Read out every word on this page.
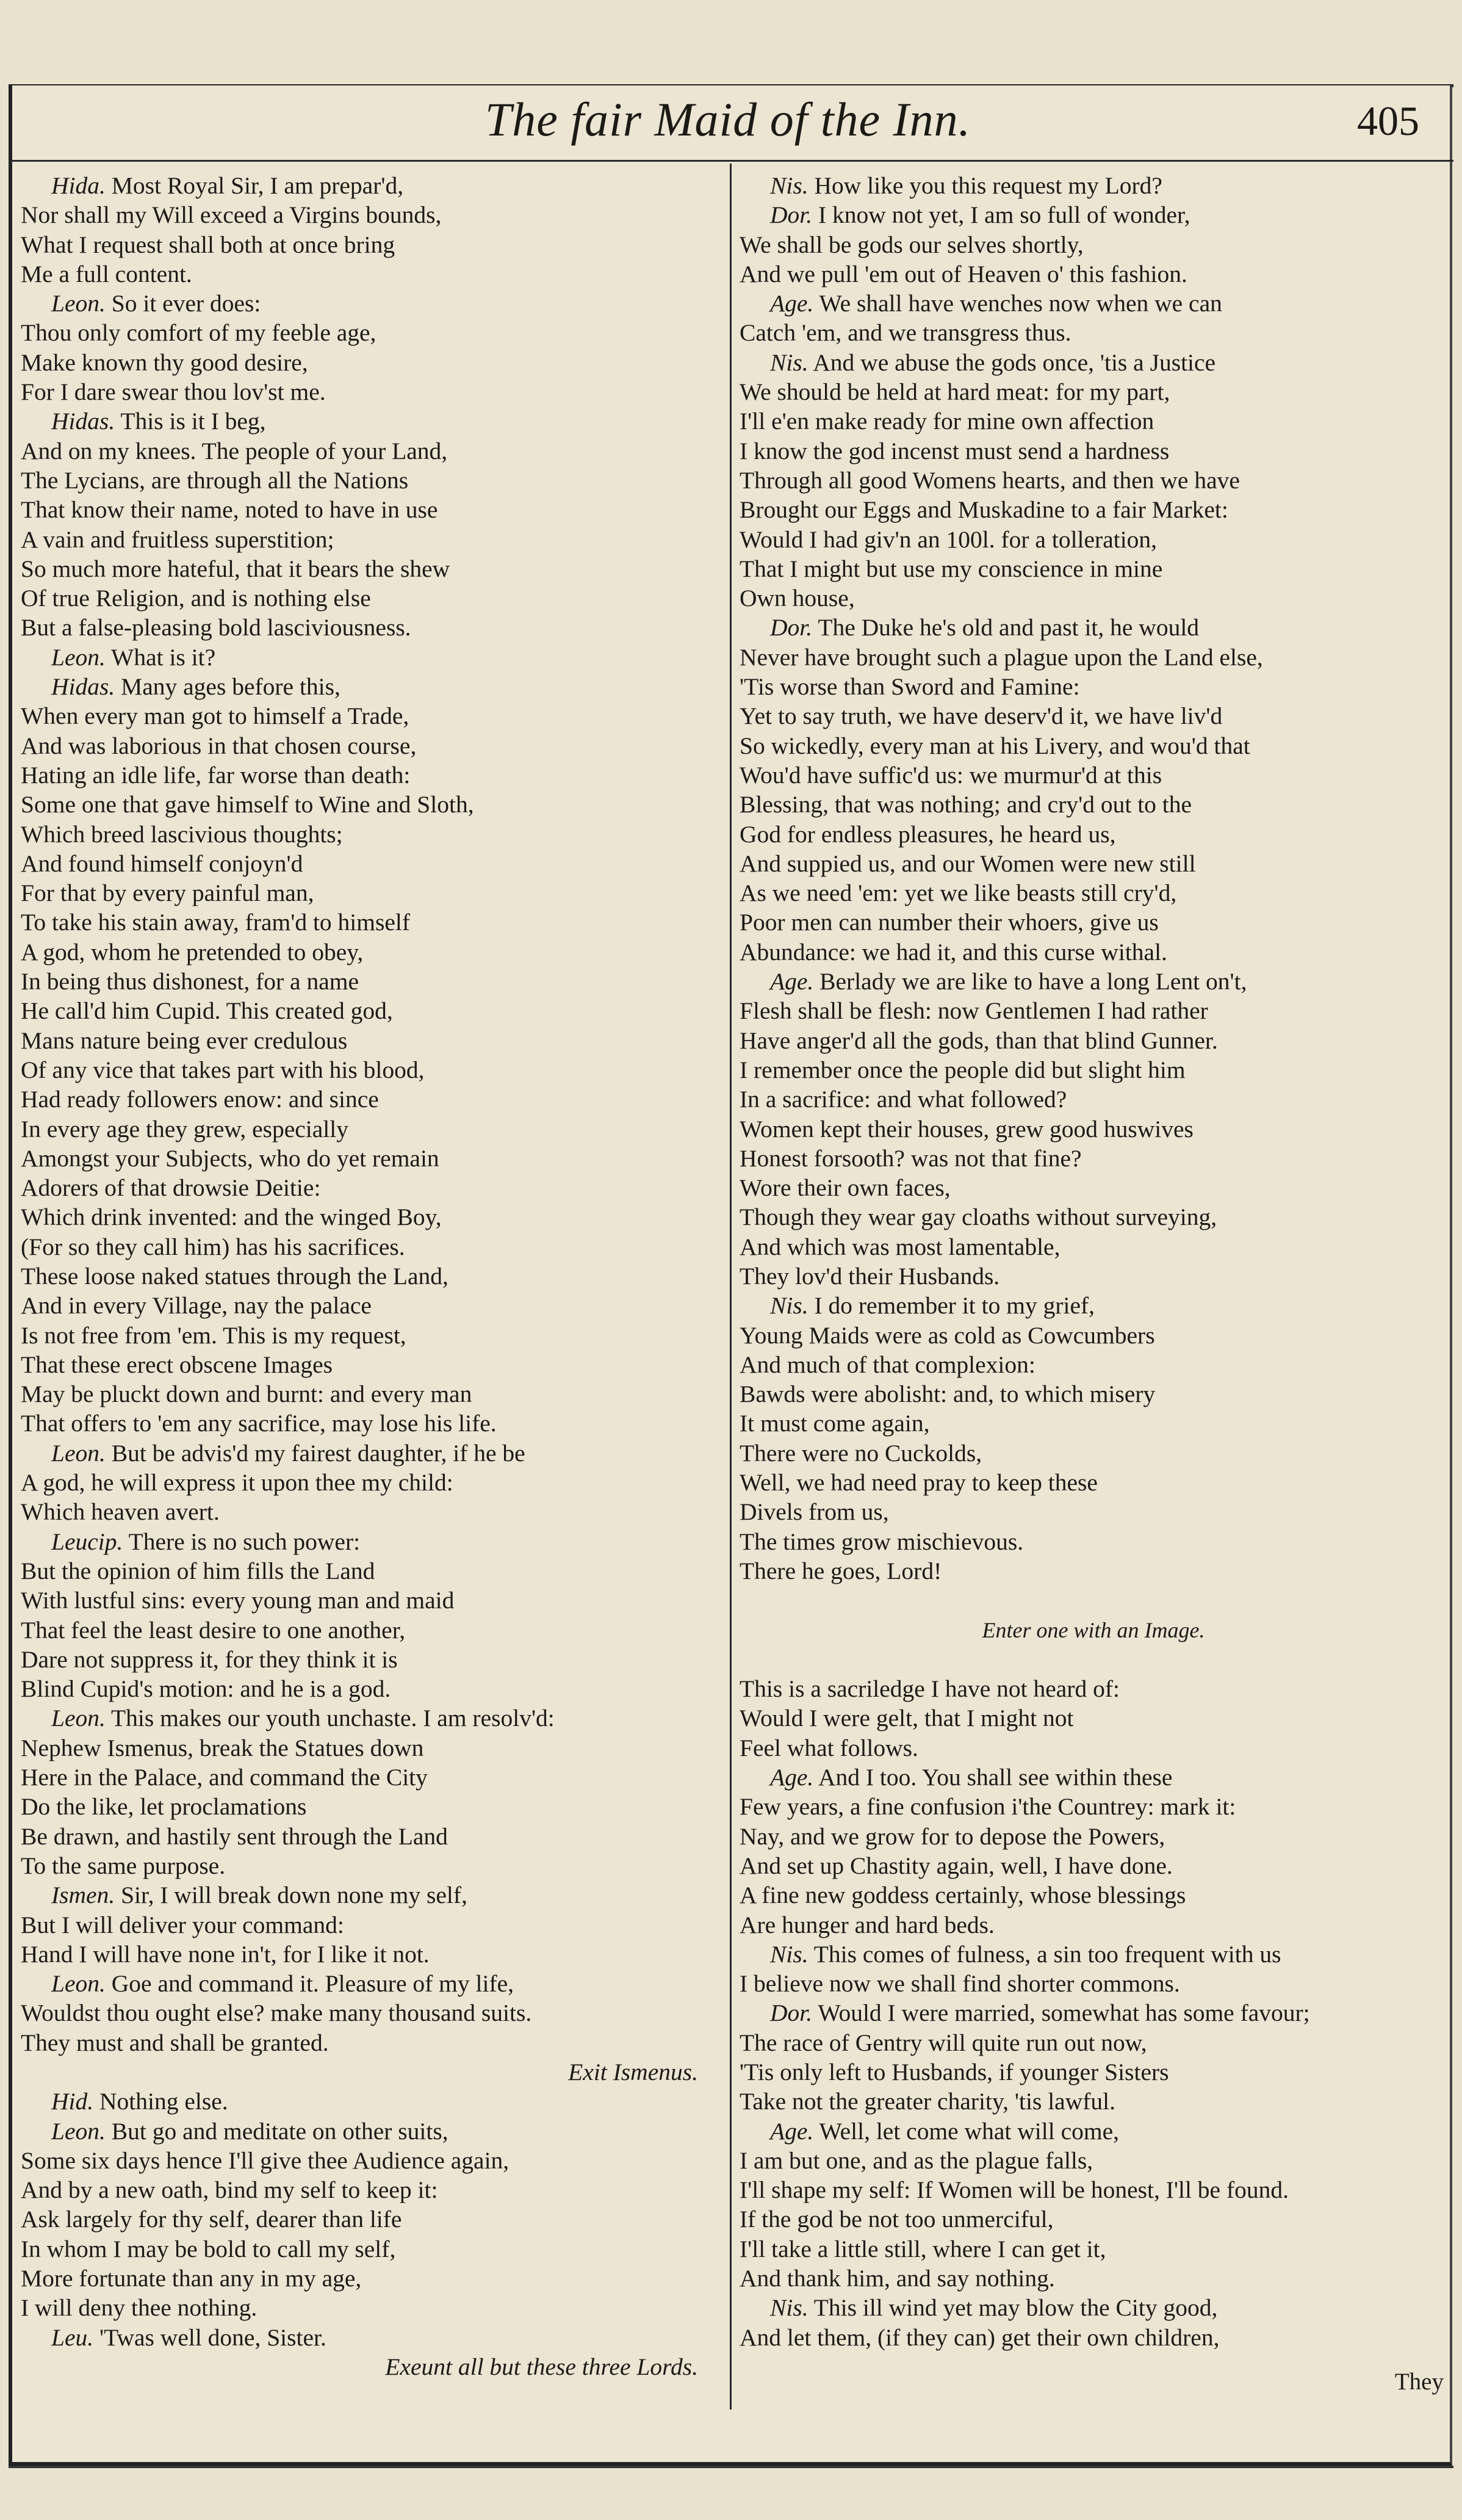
The fair Maid of the Inn.	405
Hida. Most Royal Sir, I am prepar'd,
Nor shall my Will exceed a Virgins bounds,
What I request shall both at once bring
Me a full content.
Leon. So it ever does:
Thou only comfort of my feeble age,
Make known thy good desire,
For I dare swear thou lov'st me.
Hidas. This is it I beg,
And on my knees. The people of your Land,
The Lycians, are through all the Nations
That know their name, noted to have in use
A vain and fruitless superstition;
So much more hateful, that it bears the shew
Of true Religion, and is nothing else
But a false-pleasing bold lasciviousness.
Leon. What is it?
Hidas. Many ages before this,
When every man got to himself a Trade,
And was laborious in that chosen course,
Hating an idle life, far worse than death:
Some one that gave himself to Wine and Sloth,
Which breed lascivious thoughts;
And found himself conjoyn'd
For that by every painful man,
To take his stain away, fram'd to himself
A god, whom he pretended to obey,
In being thus dishonest, for a name
He call'd him Cupid. This created god,
Mans nature being ever credulous
Of any vice that takes part with his blood,
Had ready followers enow: and since
In every age they grew, especially
Amongst your Subjects, who do yet remain
Adorers of that drowsie Deitie:
Which drink invented: and the winged Boy,
(For so they call him) has his sacrifices.
These loose naked statues through the Land,
And in every Village, nay the palace
Is not free from 'em. This is my request,
That these erect obscene Images
May be pluckt down and burnt: and every man
That offers to 'em any sacrifice, may lose his life.
Leon. But be advis'd my fairest daughter, if he be
A god, he will express it upon thee my child:
Which heaven avert.
Leucip. There is no such power:
But the opinion of him fills the Land
With lustful sins: every young man and maid
That feel the least desire to one another,
Dare not suppress it, for they think it is
Blind Cupid's motion: and he is a god.
Leon. This makes our youth unchaste. I am resolv'd:
Nephew Ismenus, break the Statues down
Here in the Palace, and command the City
Do the like, let proclamations
Be drawn, and hastily sent through the Land
To the same purpose.
Ismen. Sir, I will break down none my self,
But I will deliver your command:
Hand I will have none in't, for I like it not.
Leon. Goe and command it. Pleasure of my life,
Wouldst thou ought else? make many thousand suits.
They must and shall be granted.
Exit Ismenus.
Hid. Nothing else.
Leon. But go and meditate on other suits,
Some six days hence I'll give thee Audience again,
And by a new oath, bind my self to keep it:
Ask largely for thy self, dearer than life
In whom I may be bold to call my self,
More fortunate than any in my age,
I will deny thee nothing.
Leu. 'Twas well done, Sister.
Exeunt all but these three Lords.
Nis. How like you this request my Lord?
Dor. I know not yet, I am so full of wonder,
We shall be gods our selves shortly,
And we pull 'em out of Heaven o' this fashion.
Age. We shall have wenches now when we can
Catch 'em, and we transgress thus.
Nis. And we abuse the gods once, 'tis a Justice
We should be held at hard meat: for my part,
I'll e'en make ready for mine own affection
I know the god incenst must send a hardness
Through all good Womens hearts, and then we have
Brought our Eggs and Muskadine to a fair Market:
Would I had giv'n an 100l. for a tolleration,
That I might but use my conscience in mine
Own house,
Dor. The Duke he's old and past it, he would
Never have brought such a plague upon the Land else,
'Tis worse than Sword and Famine:
Yet to say truth, we have deserv'd it, we have liv'd
So wickedly, every man at his Livery, and wou'd that
Wou'd have suffic'd us: we murmur'd at this
Blessing, that was nothing; and cry'd out to the
God for endless pleasures, he heard us,
And suppied us, and our Women were new still
As we need 'em: yet we like beasts still cry'd,
Poor men can number their whoers, give us
Abundance: we had it, and this curse withal.
Age. Berlady we are like to have a long Lent on't,
Flesh shall be flesh: now Gentlemen I had rather
Have anger'd all the gods, than that blind Gunner.
I remember once the people did but slight him
In a sacrifice: and what followed?
Women kept their houses, grew good huswives
Honest forsooth? was not that fine?
Wore their own faces,
Though they wear gay cloaths without surveying,
And which was most lamentable,
They lov'd their Husbands.
Nis. I do remember it to my grief,
Young Maids were as cold as Cowcumbers
And much of that complexion:
Bawds were abolisht: and, to which misery
It must come again,
There were no Cuckolds,
Well, we had need pray to keep these
Divels from us,
The times grow mischievous.
There he goes, Lord!
Enter one with an Image.
This is a sacriledge I have not heard of:
Would I were gelt, that I might not
Feel what follows.
Age. And I too. You shall see within these
Few years, a fine confusion i'the Countrey: mark it:
Nay, and we grow for to depose the Powers,
And set up Chastity again, well, I have done.
A fine new goddess certainly, whose blessings
Are hunger and hard beds.
Nis. This comes of fulness, a sin too frequent with us
I believe now we shall find shorter commons.
Dor. Would I were married, somewhat has some favour;
The race of Gentry will quite run out now,
'Tis only left to Husbands, if younger Sisters
Take not the greater charity, 'tis lawful.
Age. Well, let come what will come,
I am but one, and as the plague falls,
I'll shape my self: If Women will be honest, I'll be found.
If the god be not too unmerciful,
I'll take a little still, where I can get it,
And thank him, and say nothing.
Nis. This ill wind yet may blow the City good,
And let them, (if they can) get their own children,
They
